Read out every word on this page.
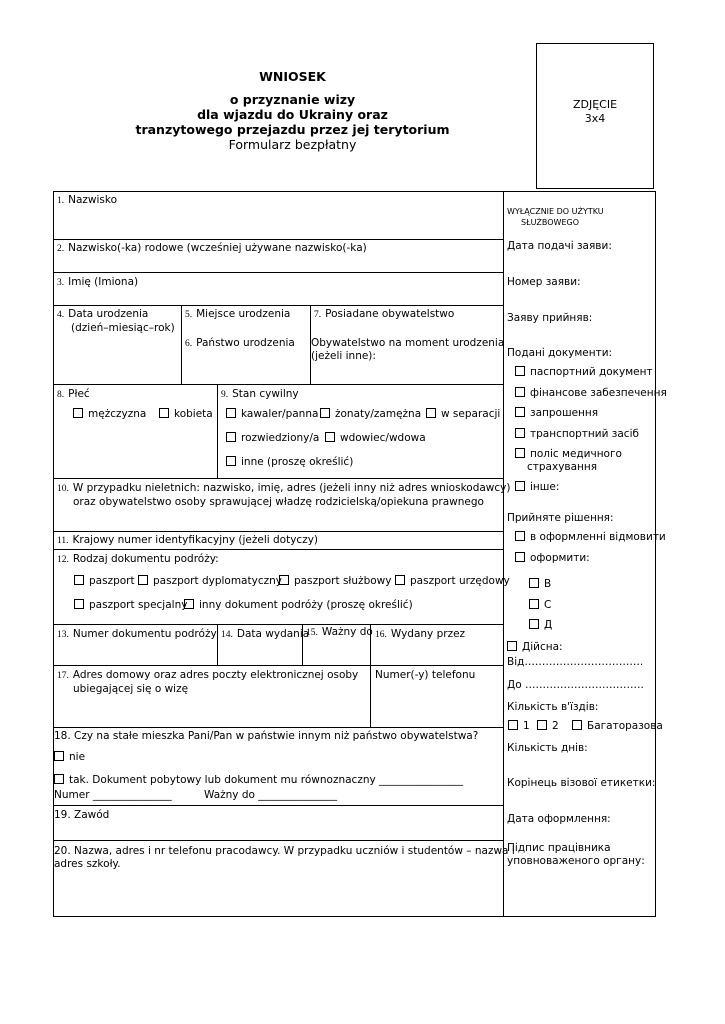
WNIOSEK
o przyznanie wizy
dla wjazdu do Ukrainy oraz
tranzytowego przejazdu przez jej terytorium
Formularz bezpłatny
ZDJĘCIE
3x4
1. Nazwisko
2. Nazwisko(-ka) rodowe (wcześniej używane nazwisko(-ka)
3. Imię (Imiona)
4. Data urodzenia
(dzień–miesiąc–rok)
5. Miejsce urodzenia
6. Państwo urodzenia
7. Posiadane obywatelstwo
Obywatelstwo na moment urodzenia
(jeżeli inne):
8. Płeć
mężczyzna	kobieta
9. Stan cywilny
kawaler/panna	żonaty/zamężna	w separacji
rozwiedziony/a	wdowiec/wdowa
inne (proszę określić)
10. W przypadku nieletnich: nazwisko, imię, adres (jeżeli inny niż adres wnioskodawcy)
oraz obywatelstwo osoby sprawującej władzę rodzicielską/opiekuna prawnego
11. Krajowy numer identyfikacyjny (jeżeli dotyczy)
12. Rodzaj dokumentu podróży:
paszport	paszport dyplomatyczny	paszport służbowy	paszport urzędowy
paszport specjalny	inny dokument podróży (proszę określić)
13. Numer dokumentu podróży 14. Data wydania
15. Ważny do 16. Wydany przez
17. Adres domowy oraz adres poczty elektronicznej osoby
ubiegającej się o wizę
Numer(-y) telefonu
18. Czy na stałe mieszka Pani/Pan w państwie innym niż państwo obywatelstwa?
nie
tak. Dokument pobytowy lub dokument mu równoznaczny ________________
Numer _______________	Ważny do _______________
19. Zawód
20. Nazwa, adres i nr telefonu pracodawcy. W przypadku uczniów i studentów – nazwa i
adres szkoły.
WYŁĄCZNIE DO UŻYTKU
SŁUŻBOWEGO
Дата подачі заяви:
Номер заяви:
Заяву прийняв:
Подані документи:
паспортний документ
фінансове забезпечення
запрошення
транспортний засіб
поліс медичного
страхування
інше:
Прийняте рішення:
в оформленні відмовити
оформити:
В
С
Д
Дійсна:
Від…………………………….
До …………………………….
Кількість в'їздів:
1	2	Багаторазова
Кількість днів:
Корінець візової етикетки:
Дата оформлення:
Підпис працівника
уповноваженого органу:
